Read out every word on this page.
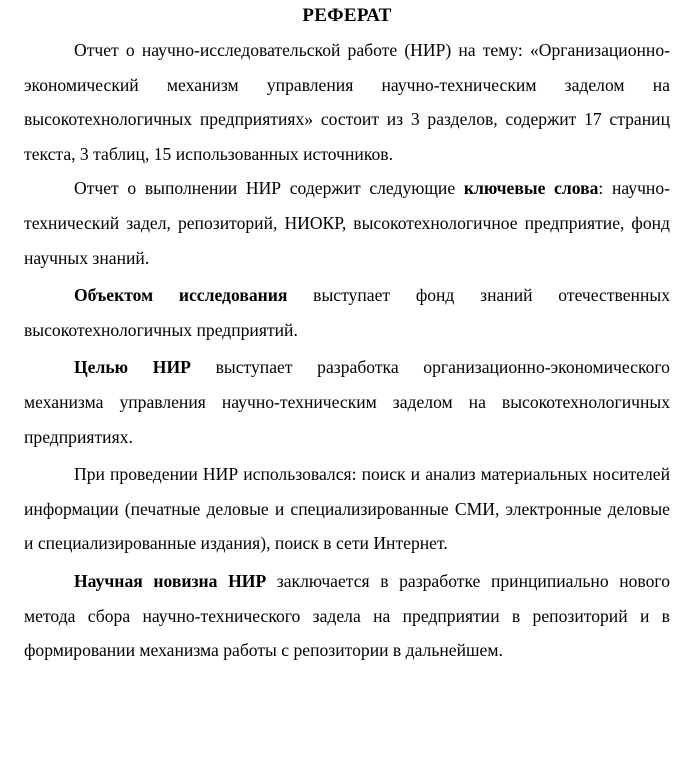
РЕФЕРАТ

Отчет о научно-исследовательской работе (НИР) на тему: «Организационно-экономический механизм управления научно-техническим заделом на высокотехнологичных предприятиях» состоит из 3 разделов, содержит 17 страниц текста, 3 таблиц, 15 использованных источников.

Отчет о выполнении НИР содержит следующие ключевые слова: научно-технический задел, репозиторий, НИОКР, высокотехнологичное предприятие, фонд научных знаний.

Объектом исследования выступает фонд знаний отечественных высокотехнологичных предприятий.

Целью НИР выступает разработка организационно-экономического механизма управления научно-техническим заделом на высокотехнологичных предприятиях.

При проведении НИР использовался: поиск и анализ материальных носителей информации (печатные деловые и специализированные СМИ, электронные деловые и специализированные издания), поиск в сети Интернет.

Научная новизна НИР заключается в разработке принципиально нового метода сбора научно-технического задела на предприятии в репозиторий и в формировании механизма работы с репозитории в дальнейшем.
